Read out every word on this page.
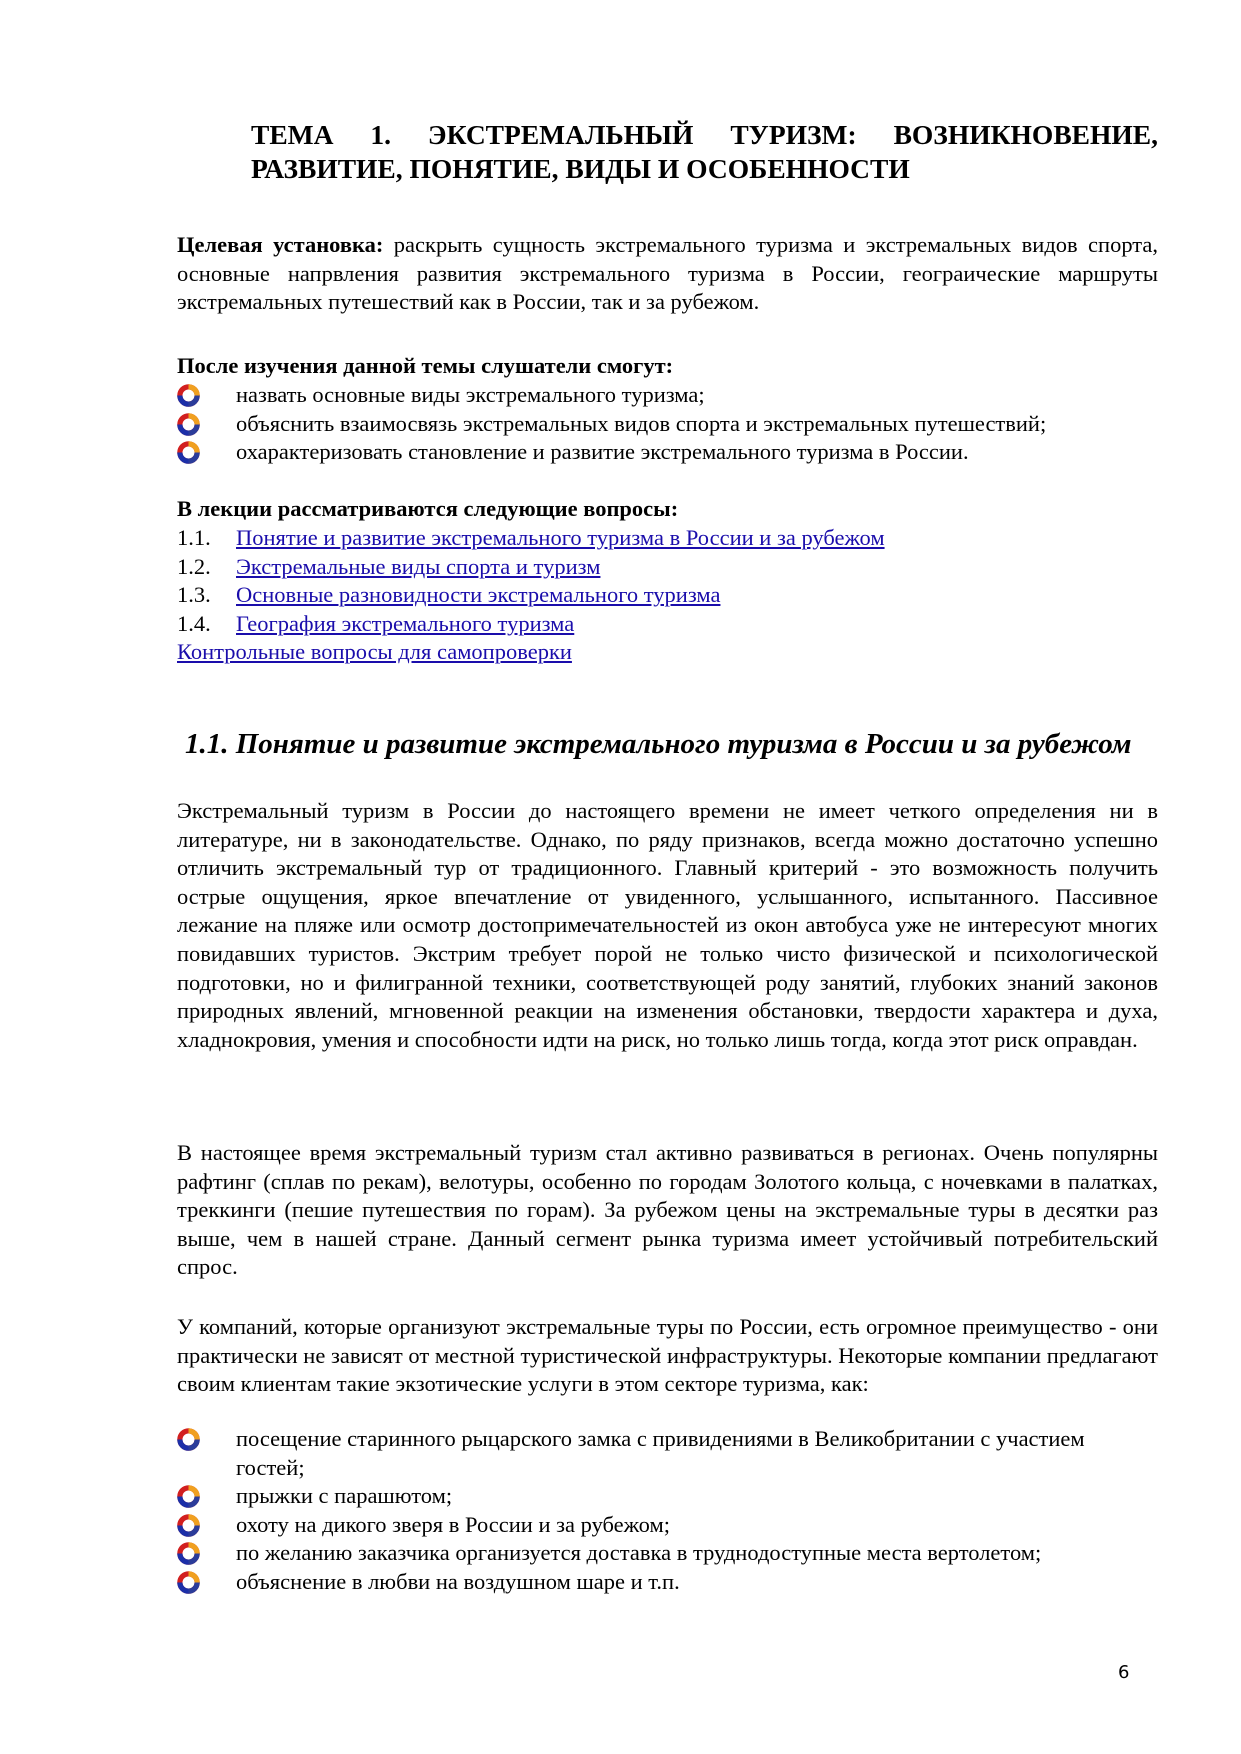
ТЕМА 1. ЭКСТРЕМАЛЬНЫЙ ТУРИЗМ: ВОЗНИКНОВЕНИЕ,
РАЗВИТИЕ, ПОНЯТИЕ, ВИДЫ И ОСОБЕННОСТИ

Целевая установка: раскрыть сущность экстремального туризма и экстремальных видов спорта, основные напрвления развития экстремального туризма в России, геограические маршруты экстремальных путешествий как в России, так и за рубежом.

После изучения данной темы слушатели смогут:

назвать основные виды экстремального туризма;
объяснить взаимосвязь экстремальных видов спорта и экстремальных путешествий;
охарактеризовать становление и развитие экстремального туризма в России.

В лекции рассматриваются следующие вопросы:

1.1.	Понятие и развитие экстремального туризма в России и за рубежом
1.2.	Экстремальные виды спорта и туризм
1.3.	Основные разновидности экстремального туризма
1.4.	География экстремального туризма
Контрольные вопросы для самопроверки
1.1. Понятие и развитие экстремального туризма в России и за рубежом

Экстремальный туризм в России до настоящего времени не имеет четкого определения ни в литературе, ни в законодательстве. Однако, по ряду признаков, всегда можно достаточно успешно отличить экстремальный тур от традиционного. Главный критерий - это возможность получить острые ощущения, яркое впечатление от увиденного, услышанного, испытанного. Пассивное лежание на пляже или осмотр достопримечательностей из окон автобуса уже не интересуют многих повидавших туристов. Экстрим требует порой не только чисто физической и психологической подготовки, но и филигранной техники, соответствующей роду занятий, глубоких знаний законов природных явлений, мгновенной реакции на изменения обстановки, твердости характера и духа, хладнокровия, умения и способности идти на риск, но только лишь тогда, когда этот риск оправдан.

В настоящее время экстремальный туризм стал активно развиваться в регионах. Очень популярны рафтинг (сплав по рекам), велотуры, особенно по городам Золотого кольца, с ночевками в палатках, треккинги (пешие путешествия по горам). За рубежом цены на экстремальные туры в десятки раз выше, чем в нашей стране. Данный сегмент рынка туризма имеет устойчивый потребительский спрос.

У компаний, которые организуют экстремальные туры по России, есть огромное преимущество - они практически не зависят от местной туристической инфраструктуры. Некоторые компании предлагают своим клиентам такие экзотические услуги в этом секторе туризма, как:

посещение старинного рыцарского замка с привидениями в Великобритании с участием гостей;
прыжки с парашютом;
охоту на дикого зверя в России и за рубежом;
по желанию заказчика организуется доставка в труднодоступные места вертолетом;
объяснение в любви на воздушном шаре и т.п.
6
